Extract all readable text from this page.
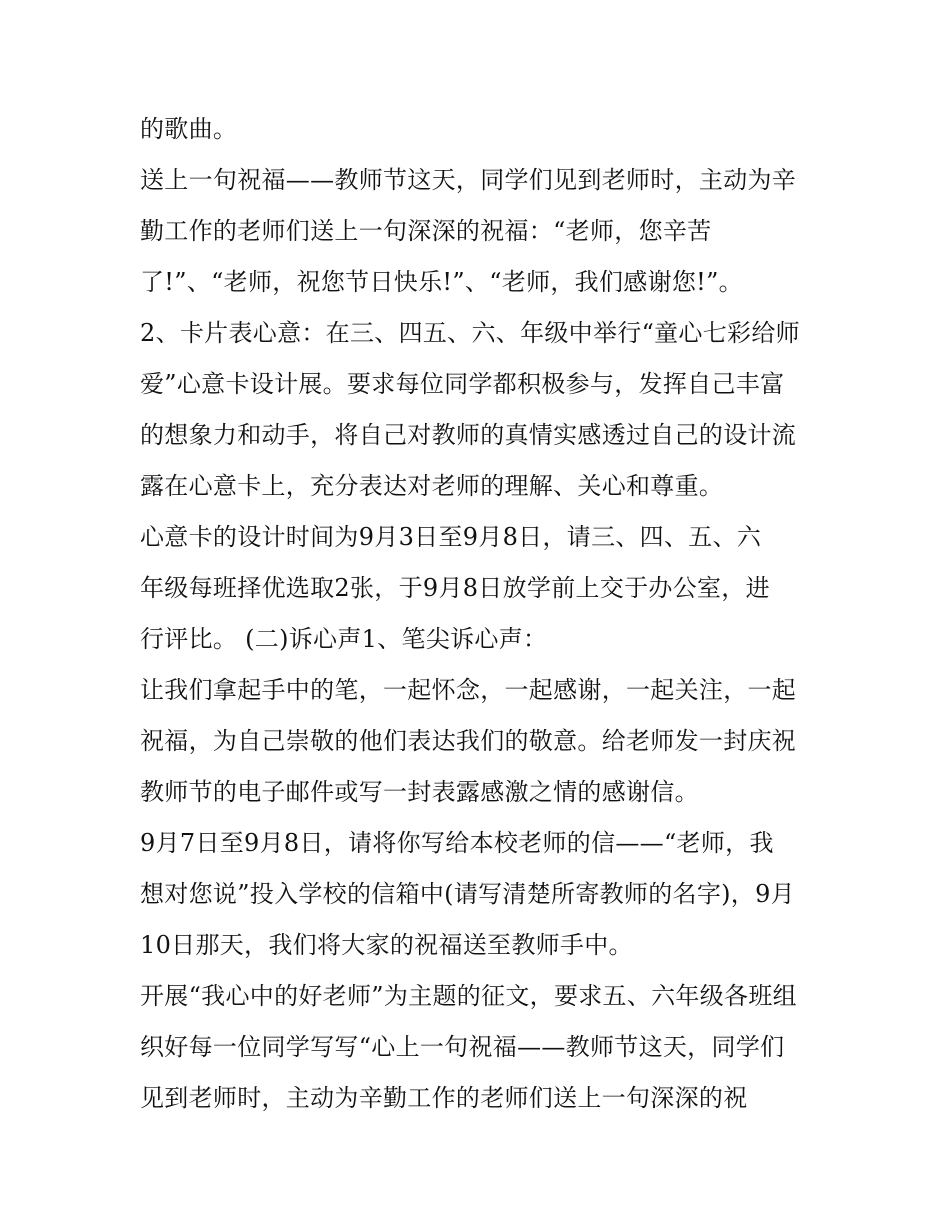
的歌曲。
送上一句祝福——教师节这天，同学们见到老师时，主动为辛
勤工作的老师们送上一句深深的祝福：“老师，您辛苦
了!”、“老师，祝您节日快乐!”、“老师，我们感谢您!”。
2、卡片表心意：在三、四五、六、年级中举行“童心七彩给师
爱”心意卡设计展。要求每位同学都积极参与，发挥自己丰富
的想象力和动手，将自己对教师的真情实感透过自己的设计流
露在心意卡上，充分表达对老师的理解、关心和尊重。
心意卡的设计时间为9月3日至9月8日，请三、四、五、六
年级每班择优选取2张，于9月8日放学前上交于办公室，进
行评比。 (二)诉心声1、笔尖诉心声：
让我们拿起手中的笔，一起怀念，一起感谢，一起关注，一起
祝福，为自己崇敬的他们表达我们的敬意。给老师发一封庆祝
教师节的电子邮件或写一封表露感激之情的感谢信。
9月7日至9月8日，请将你写给本校老师的信——“老师，我
想对您说”投入学校的信箱中(请写清楚所寄教师的名字)，9月
10日那天，我们将大家的祝福送至教师手中。
开展“我心中的好老师”为主题的征文，要求五、六年级各班组
织好每一位同学写写“心上一句祝福——教师节这天，同学们
见到老师时，主动为辛勤工作的老师们送上一句深深的祝
